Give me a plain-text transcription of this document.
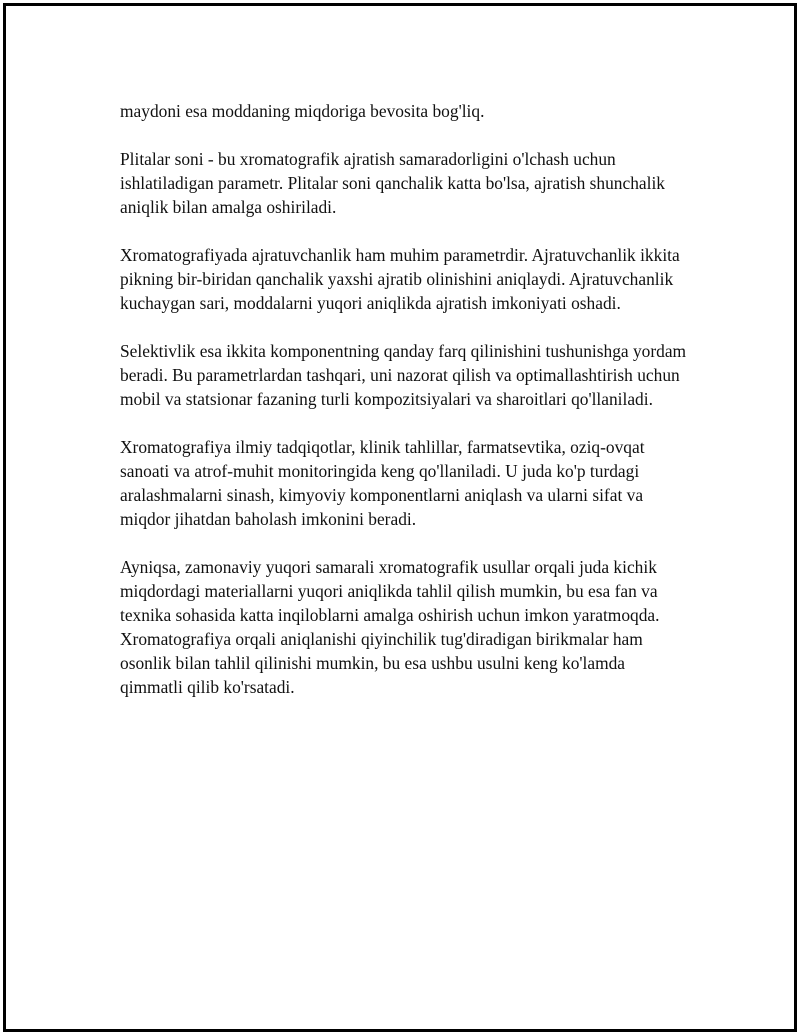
maydoni esa moddaning miqdoriga bevosita bog'liq.

Plitalar soni - bu xromatografik ajratish samaradorligini o'lchash uchun ishlatiladigan parametr. Plitalar soni qanchalik katta bo'lsa, ajratish shunchalik aniqlik bilan amalga oshiriladi.

Xromatografiyada ajratuvchanlik ham muhim parametrdir. Ajratuvchanlik ikkita pikning bir-biridan qanchalik yaxshi ajratib olinishini aniqlaydi. Ajratuvchanlik kuchaygan sari, moddalarni yuqori aniqlikda ajratish imkoniyati oshadi.

Selektivlik esa ikkita komponentning qanday farq qilinishini tushunishga yordam beradi. Bu parametrlardan tashqari, uni nazorat qilish va optimallashtirish uchun mobil va statsionar fazaning turli kompozitsiyalari va sharoitlari qo'llaniladi.

Xromatografiya ilmiy tadqiqotlar, klinik tahlillar, farmatsevtika, oziq-ovqat sanoati va atrof-muhit monitoringida keng qo'llaniladi. U juda ko'p turdagi aralashmalarni sinash, kimyoviy komponentlarni aniqlash va ularni sifat va miqdor jihatdan baholash imkonini beradi.

Ayniqsa, zamonaviy yuqori samarali xromatografik usullar orqali juda kichik miqdordagi materiallarni yuqori aniqlikda tahlil qilish mumkin, bu esa fan va texnika sohasida katta inqiloblarni amalga oshirish uchun imkon yaratmoqda. Xromatografiya orqali aniqlanishi qiyinchilik tug'diradigan birikmalar ham osonlik bilan tahlil qilinishi mumkin, bu esa ushbu usulni keng ko'lamda qimmatli qilib ko'rsatadi.
